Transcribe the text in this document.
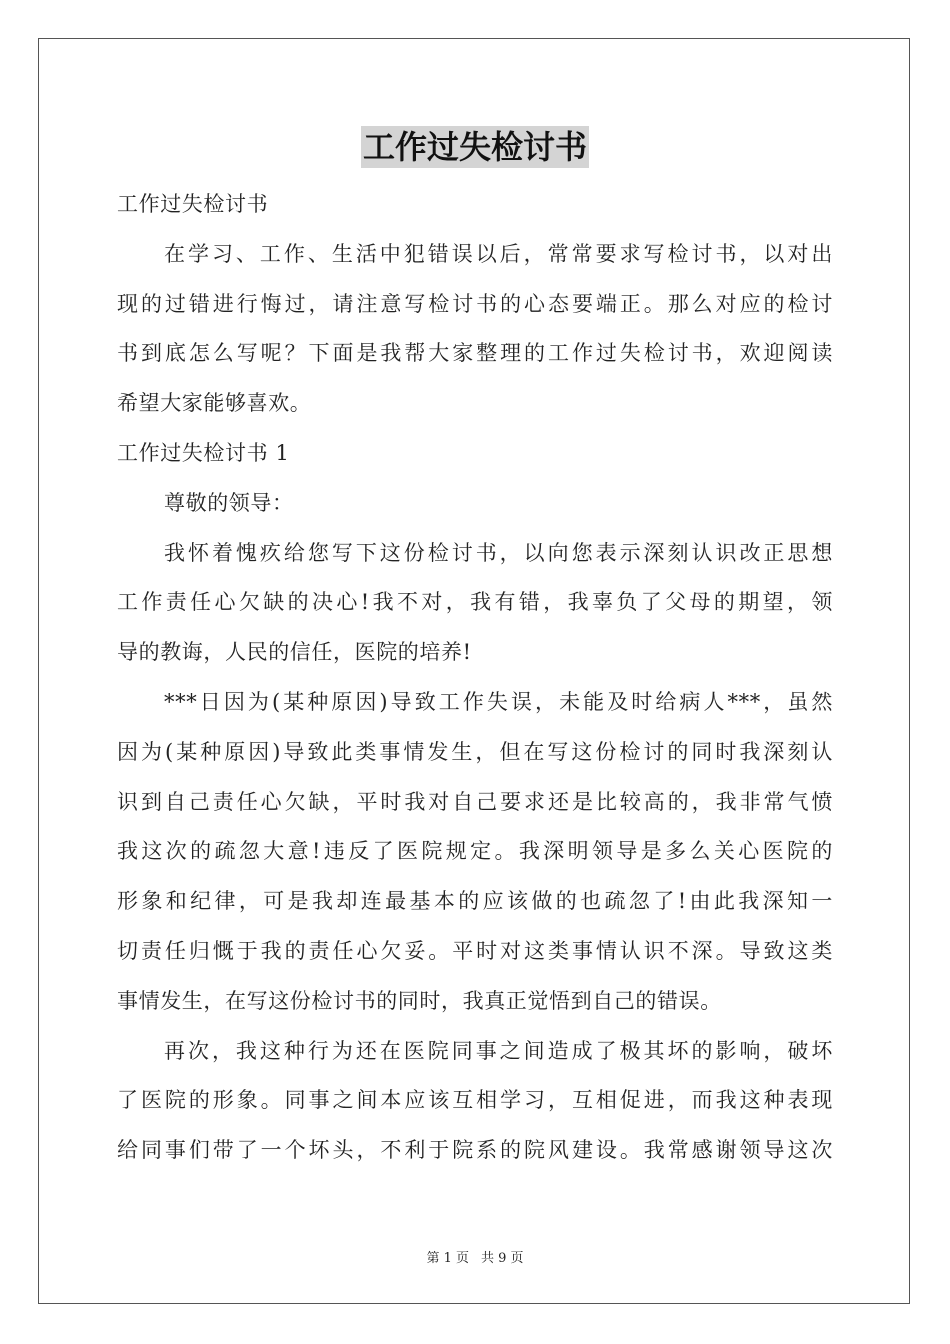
工作过失检讨书
工作过失检讨书
在学习、工作、生活中犯错误以后，常常要求写检讨书，以对出
现的过错进行悔过，请注意写检讨书的心态要端正。那么对应的检讨
书到底怎么写呢？下面是我帮大家整理的工作过失检讨书，欢迎阅读
希望大家能够喜欢。
工作过失检讨书 1
尊敬的领导：
我怀着愧疚给您写下这份检讨书，以向您表示深刻认识改正思想
工作责任心欠缺的决心!我不对，我有错，我辜负了父母的期望，领
导的教诲，人民的信任，医院的培养!
***日因为(某种原因)导致工作失误，未能及时给病人***，虽然
因为(某种原因)导致此类事情发生，但在写这份检讨的同时我深刻认
识到自己责任心欠缺，平时我对自己要求还是比较高的，我非常气愤
我这次的疏忽大意!违反了医院规定。我深明领导是多么关心医院的
形象和纪律，可是我却连最基本的应该做的也疏忽了!由此我深知一
切责任归慨于我的责任心欠妥。平时对这类事情认识不深。导致这类
事情发生，在写这份检讨书的同时，我真正觉悟到自己的错误。
再次，我这种行为还在医院同事之间造成了极其坏的影响，破坏
了医院的形象。同事之间本应该互相学习，互相促进，而我这种表现
给同事们带了一个坏头，不利于院系的院风建设。我常感谢领导这次
第 1 页 共 9 页
